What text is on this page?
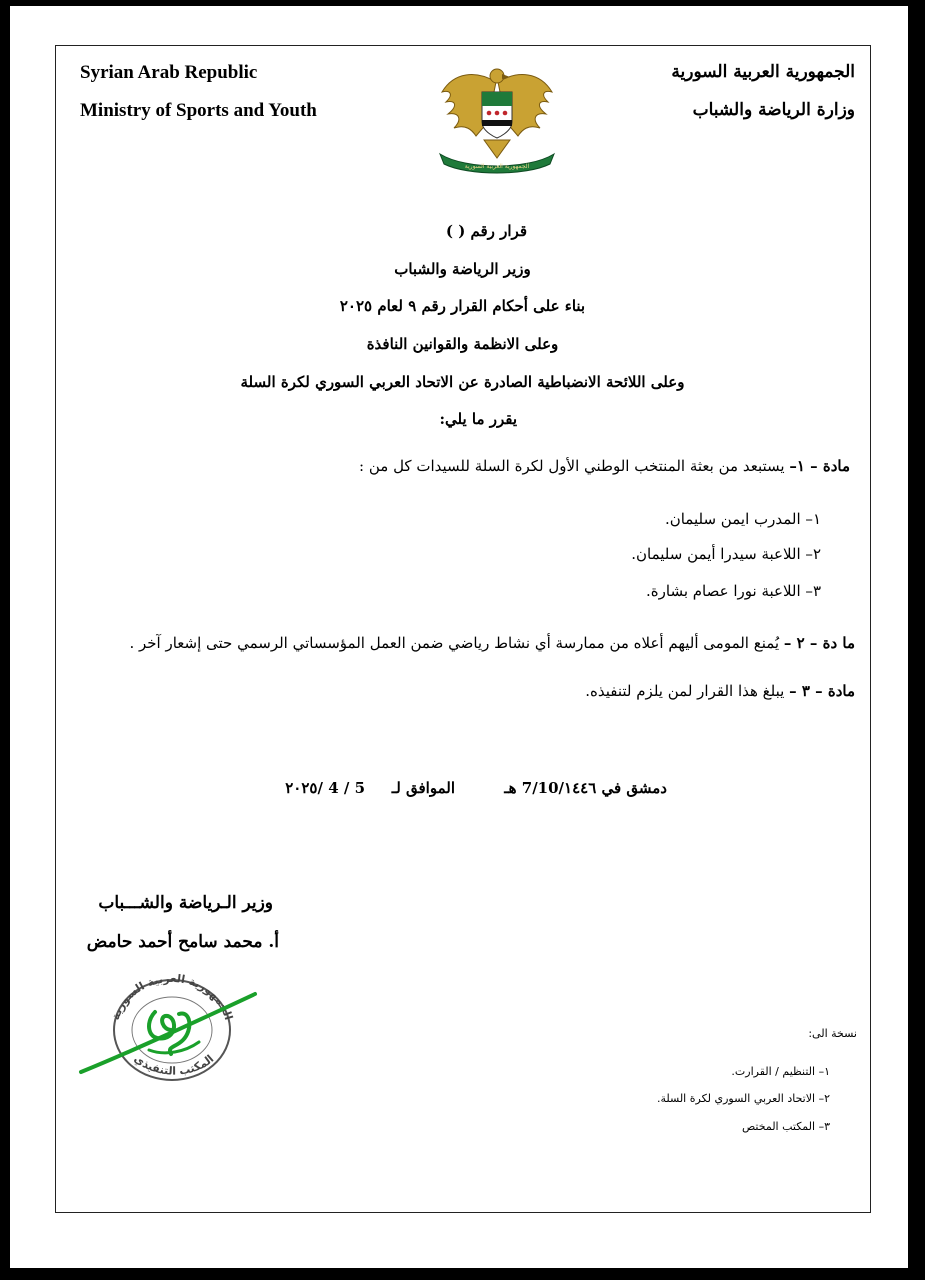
Syrian Arab Republic
Ministry of Sports and Youth
الجمهورية العربية السورية
وزارة الرياضة والشباب
الجمهورية العربية السورية
قرار رقم ( )
وزير الرياضة والشباب
بناء على أحكام القرار رقم ٩ لعام ٢٠٢٥
وعلى الانظمة والقوانين النافذة
وعلى اللائحة الانضباطية الصادرة عن الاتحاد العربي السوري لكرة السلة
يقرر ما يلي:
مادة – ١– يستبعد من بعثة المنتخب الوطني الأول لكرة السلة للسيدات كل من :
١– المدرب ايمن سليمان.
٢– اللاعبة سيدرا أيمن سليمان.
٣– اللاعبة نورا عصام بشارة.
ما دة – ٢ – يُمنع المومى أليهم أعلاه من ممارسة أي نشاط رياضي ضمن العمل المؤسساتي الرسمي حتى إشعار آخر .
مادة – ٣ – يبلغ هذا القرار لمن يلزم لتنفيذه.
دمشق في 7/10/١٤٤٦ هـ
الموافق لـ
5 / 4 /٢٠٢٥
وزير الـرياضة والشـــباب
أ. محمد سامح أحمد حامض
الجمهورية العربية السورية
المكتب التنفيذي
نسخة الى:
١– التنظيم / القرارت.
٢– الاتحاد العربي السوري لكرة السلة.
٣– المكتب المختص
